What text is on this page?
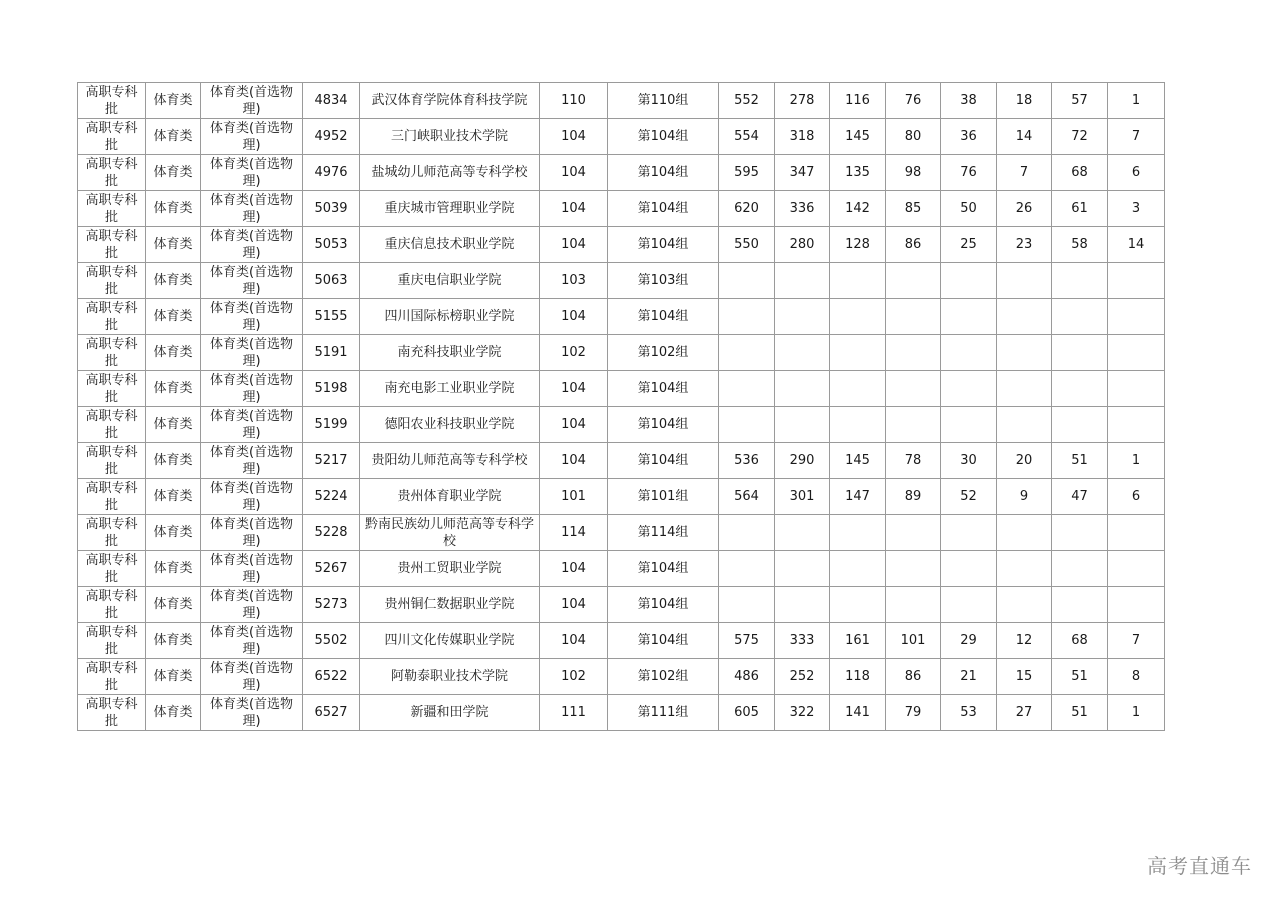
高职专科批	体育类	体育类(首选物理)	4834	武汉体育学院体育科技学院	110	第110组	552	278	116	76	38	18	57	1
高职专科批	体育类	体育类(首选物理)	4952	三门峡职业技术学院	104	第104组	554	318	145	80	36	14	72	7
高职专科批	体育类	体育类(首选物理)	4976	盐城幼儿师范高等专科学校	104	第104组	595	347	135	98	76	7	68	6
高职专科批	体育类	体育类(首选物理)	5039	重庆城市管理职业学院	104	第104组	620	336	142	85	50	26	61	3
高职专科批	体育类	体育类(首选物理)	5053	重庆信息技术职业学院	104	第104组	550	280	128	86	25	23	58	14
高职专科批	体育类	体育类(首选物理)	5063	重庆电信职业学院	103	第103组								
高职专科批	体育类	体育类(首选物理)	5155	四川国际标榜职业学院	104	第104组								
高职专科批	体育类	体育类(首选物理)	5191	南充科技职业学院	102	第102组								
高职专科批	体育类	体育类(首选物理)	5198	南充电影工业职业学院	104	第104组								
高职专科批	体育类	体育类(首选物理)	5199	德阳农业科技职业学院	104	第104组								
高职专科批	体育类	体育类(首选物理)	5217	贵阳幼儿师范高等专科学校	104	第104组	536	290	145	78	30	20	51	1
高职专科批	体育类	体育类(首选物理)	5224	贵州体育职业学院	101	第101组	564	301	147	89	52	9	47	6
高职专科批	体育类	体育类(首选物理)	5228	黔南民族幼儿师范高等专科学校	114	第114组								
高职专科批	体育类	体育类(首选物理)	5267	贵州工贸职业学院	104	第104组								
高职专科批	体育类	体育类(首选物理)	5273	贵州铜仁数据职业学院	104	第104组								
高职专科批	体育类	体育类(首选物理)	5502	四川文化传媒职业学院	104	第104组	575	333	161	101	29	12	68	7
高职专科批	体育类	体育类(首选物理)	6522	阿勒泰职业技术学院	102	第102组	486	252	118	86	21	15	51	8
高职专科批	体育类	体育类(首选物理)	6527	新疆和田学院	111	第111组	605	322	141	79	53	27	51	1
高考直通车
